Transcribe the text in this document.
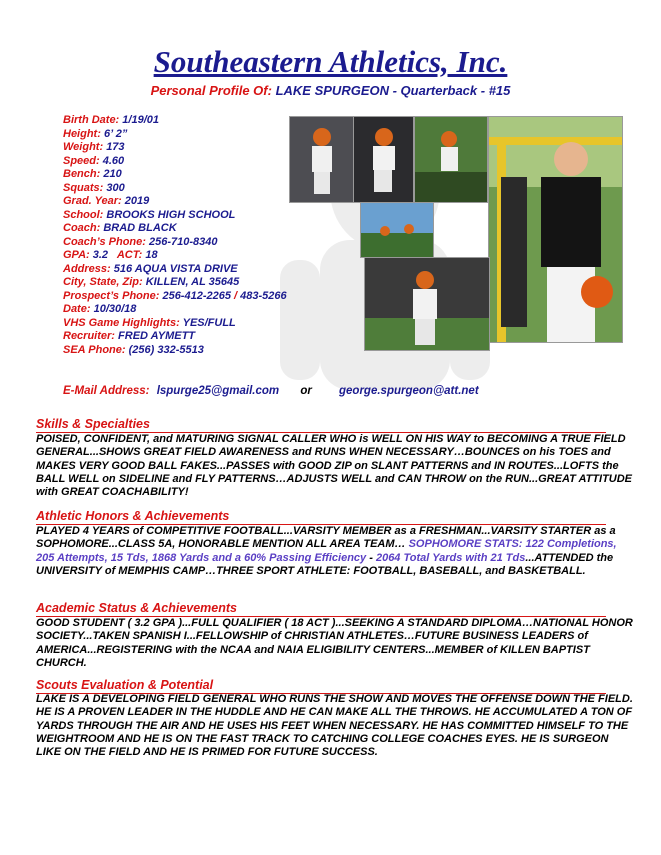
Southeastern Athletics, Inc.
Personal Profile Of: LAKE SPURGEON - Quarterback - #15
Birth Date: 1/19/01
Height: 6’ 2”
Weight: 173
Speed: 4.60
Bench: 210
Squats: 300
Grad. Year: 2019
School: BROOKS HIGH SCHOOL
Coach: BRAD BLACK
Coach’s Phone: 256-710-8340
GPA: 3.2 ACT: 18
Address: 516 AQUA VISTA DRIVE
City, State, Zip: KILLEN, AL 35645
Prospect’s Phone: 256-412-2265 / 483-5266
Date: 10/30/18
VHS Game Highlights: YES/FULL
Recruiter: FRED AYMETT
SEA Phone: (256) 332-5513
E-Mail Address: lspurge25@gmail.com or george.spurgeon@att.net
Skills & Specialties
POISED, CONFIDENT, and MATURING SIGNAL CALLER WHO is WELL ON HIS WAY to BECOMING A TRUE FIELD GENERAL...SHOWS GREAT FIELD AWARENESS and RUNS WHEN NECESSARY…BOUNCES on his TOES and MAKES VERY GOOD BALL FAKES...PASSES with GOOD ZIP on SLANT PATTERNS and IN ROUTES...LOFTS the BALL WELL on SIDELINE and FLY PATTERNS…ADJUSTS WELL and CAN THROW on the RUN...GREAT ATTITUDE with GREAT COACHABILITY!
Athletic Honors & Achievements
PLAYED 4 YEARS of COMPETITIVE FOOTBALL...VARSITY MEMBER as a FRESHMAN...VARSITY STARTER as a SOPHOMORE...CLASS 5A, HONORABLE MENTION ALL AREA TEAM… SOPHOMORE STATS: 122 Completions, 205 Attempts, 15 Tds, 1868 Yards and a 60% Passing Efficiency - 2064 Total Yards with 21 Tds...ATTENDED the UNIVERSITY of MEMPHIS CAMP…THREE SPORT ATHLETE: FOOTBALL, BASEBALL, and BASKETBALL.
Academic Status & Achievements
GOOD STUDENT ( 3.2 GPA )...FULL QUALIFIER ( 18 ACT )...SEEKING A STANDARD DIPLOMA…NATIONAL HONOR SOCIETY...TAKEN SPANISH I...FELLOWSHIP of CHRISTIAN ATHLETES…FUTURE BUSINESS LEADERS of AMERICA...REGISTERING with the NCAA and NAIA ELIGIBILITY CENTERS...MEMBER of KILLEN BAPTIST CHURCH.
Scouts Evaluation & Potential
LAKE IS A DEVELOPING FIELD GENERAL WHO RUNS THE SHOW AND MOVES THE OFFENSE DOWN THE FIELD. HE IS A PROVEN LEADER IN THE HUDDLE AND HE CAN MAKE ALL THE THROWS. HE ACCUMULATED A TON OF YARDS THROUGH THE AIR AND HE USES HIS FEET WHEN NECESSARY. HE HAS COMMITTED HIMSELF TO THE WEIGHTROOM AND HE IS ON THE FAST TRACK TO CATCHING COLLEGE COACHES EYES. HE IS SURGEON LIKE ON THE FIELD AND HE IS PRIMED FOR FUTURE SUCCESS.
